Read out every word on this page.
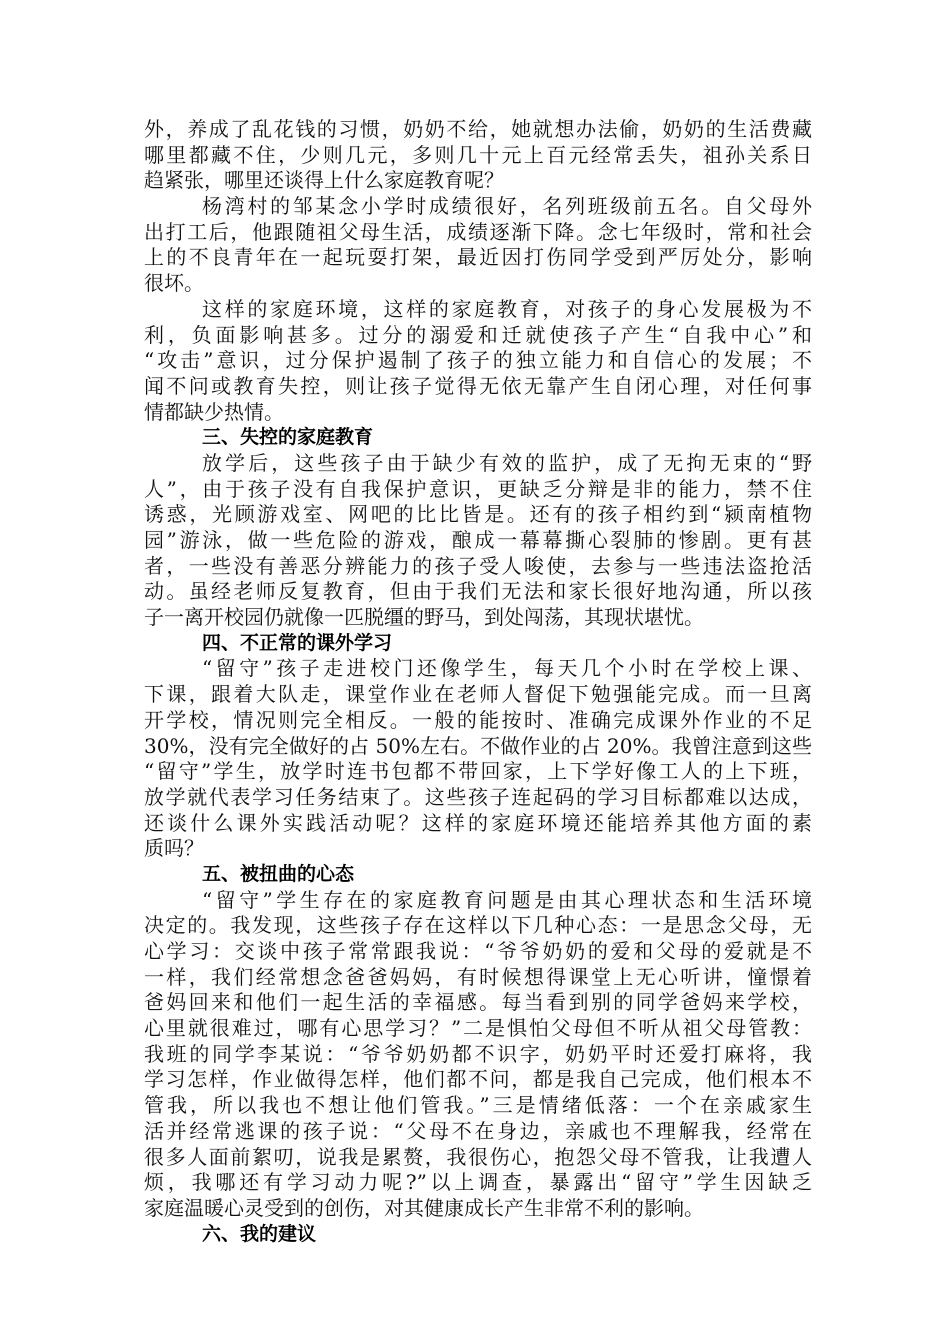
外，养成了乱花钱的习惯，奶奶不给，她就想办法偷，奶奶的生活费藏
哪里都藏不住，少则几元，多则几十元上百元经常丢失，祖孙关系日
趋紧张，哪里还谈得上什么家庭教育呢？
杨湾村的邹某念小学时成绩很好，名列班级前五名。自父母外
出打工后，他跟随祖父母生活，成绩逐渐下降。念七年级时，常和社会
上的不良青年在一起玩耍打架，最近因打伤同学受到严厉处分，影响
很坏。
这样的家庭环境，这样的家庭教育，对孩子的身心发展极为不
利，负面影响甚多。过分的溺爱和迁就使孩子产生“自我中心”和
“攻击”意识，过分保护遏制了孩子的独立能力和自信心的发展；不
闻不问或教育失控，则让孩子觉得无依无靠产生自闭心理，对任何事
情都缺少热情。
三、失控的家庭教育
放学后，这些孩子由于缺少有效的监护，成了无拘无束的“野
人”，由于孩子没有自我保护意识，更缺乏分辩是非的能力，禁不住
诱惑，光顾游戏室、网吧的比比皆是。还有的孩子相约到“颍南植物
园”游泳，做一些危险的游戏，酿成一幕幕撕心裂肺的惨剧。更有甚
者，一些没有善恶分辨能力的孩子受人唆使，去参与一些违法盗抢活
动。虽经老师反复教育，但由于我们无法和家长很好地沟通，所以孩
子一离开校园仍就像一匹脱缰的野马，到处闯荡，其现状堪忧。
四、不正常的课外学习
“留守”孩子走进校门还像学生，每天几个小时在学校上课、
下课，跟着大队走，课堂作业在老师人督促下勉强能完成。而一旦离
开学校，情况则完全相反。一般的能按时、准确完成课外作业的不足
30%，没有完全做好的占 50%左右。不做作业的占 20%。我曾注意到这些
“留守”学生，放学时连书包都不带回家，上下学好像工人的上下班，
放学就代表学习任务结束了。这些孩子连起码的学习目标都难以达成，
还谈什么课外实践活动呢？这样的家庭环境还能培养其他方面的素
质吗？
五、被扭曲的心态
“留守”学生存在的家庭教育问题是由其心理状态和生活环境
决定的。我发现，这些孩子存在这样以下几种心态：一是思念父母，无
心学习：交谈中孩子常常跟我说：“爷爷奶奶的爱和父母的爱就是不
一样，我们经常想念爸爸妈妈，有时候想得课堂上无心听讲，憧憬着
爸妈回来和他们一起生活的幸福感。每当看到别的同学爸妈来学校，
心里就很难过，哪有心思学习？”二是惧怕父母但不听从祖父母管教：
我班的同学李某说：“爷爷奶奶都不识字，奶奶平时还爱打麻将，我
学习怎样，作业做得怎样，他们都不问，都是我自己完成，他们根本不
管我，所以我也不想让他们管我。”三是情绪低落：一个在亲戚家生
活并经常逃课的孩子说：“父母不在身边，亲戚也不理解我，经常在
很多人面前絮叨，说我是累赘，我很伤心，抱怨父母不管我，让我遭人
烦，我哪还有学习动力呢?”以上调查，暴露出“留守”学生因缺乏
家庭温暖心灵受到的创伤，对其健康成长产生非常不利的影响。
六、我的建议
